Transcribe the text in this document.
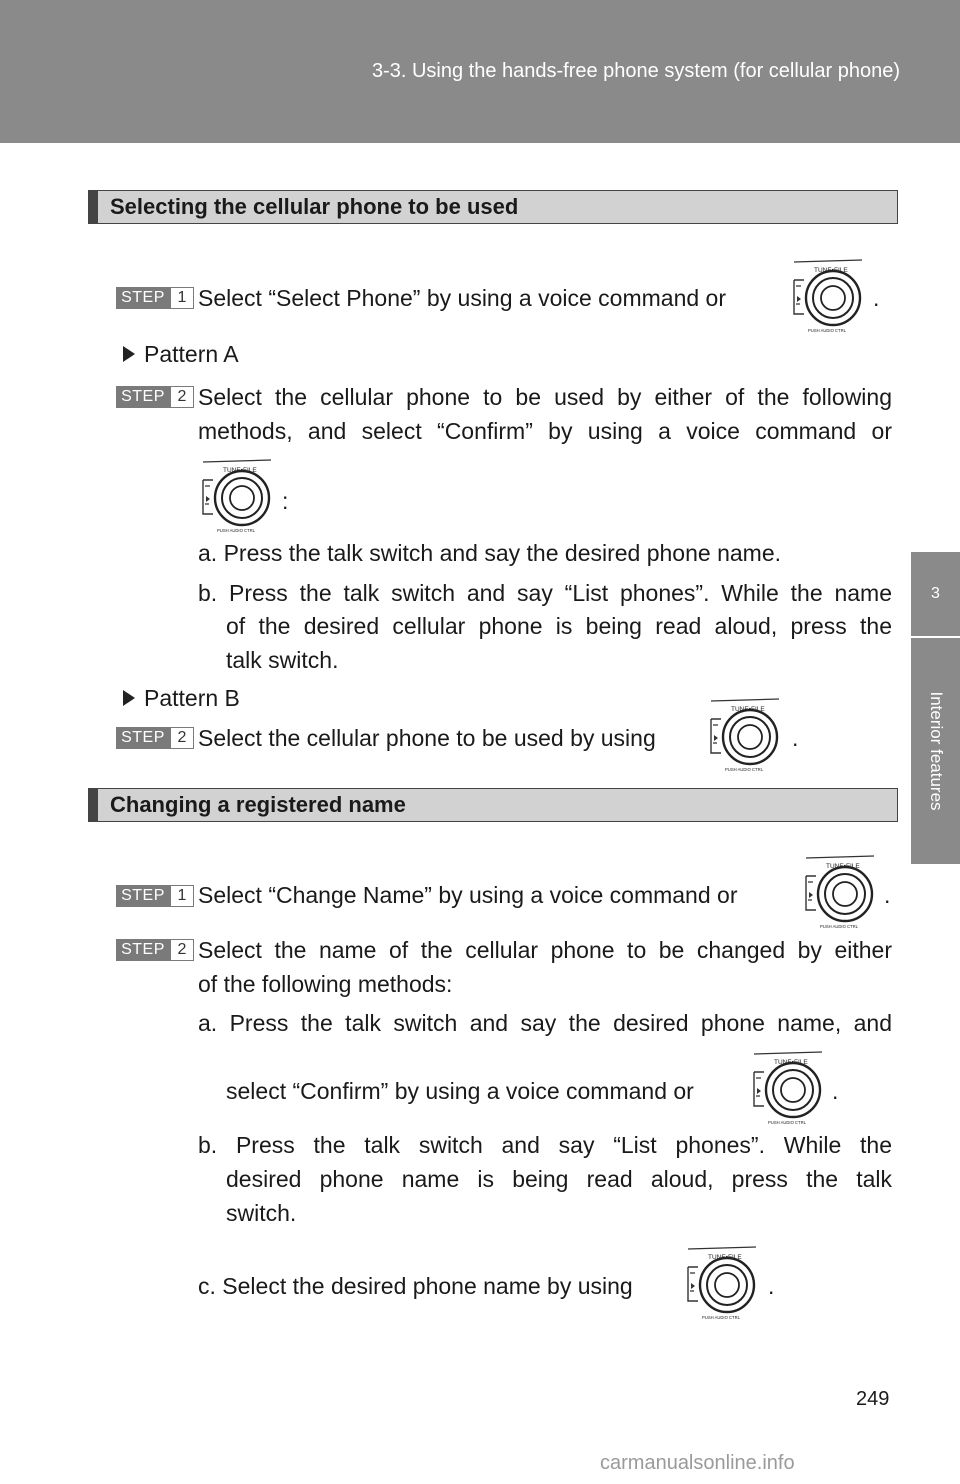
3-3. Using the hands-free phone system (for cellular phone)
3
Interior features
Selecting the cellular phone to be used
STEP 1 Select “Select Phone” by using a voice command or
TUNE•FILE
PUSH AUDIO CTRL
.
Pattern A
STEP 2 Select the cellular phone to be used by either of the following
methods, and select “Confirm” by using a voice command or
TUNE•FILE
PUSH AUDIO CTRL
:
a. Press the talk switch and say the desired phone name.
b. Press the talk switch and say “List phones”. While the name
of the desired cellular phone is being read aloud, press the
talk switch.
Pattern B
STEP 2 Select the cellular phone to be used by using
TUNE•FILE
PUSH AUDIO CTRL
.
Changing a registered name
STEP 1 Select “Change Name” by using a voice command or
TUNE•FILE
PUSH AUDIO CTRL
.
STEP 2 Select the name of the cellular phone to be changed by either
of the following methods:
a. Press the talk switch and say the desired phone name, and
select “Confirm” by using a voice command or
TUNE•FILE
PUSH AUDIO CTRL
.
b. Press the talk switch and say “List phones”. While the
desired phone name is being read aloud, press the talk
switch.
c. Select the desired phone name by using
TUNE•FILE
PUSH AUDIO CTRL
.
249
carmanualsonline.info
